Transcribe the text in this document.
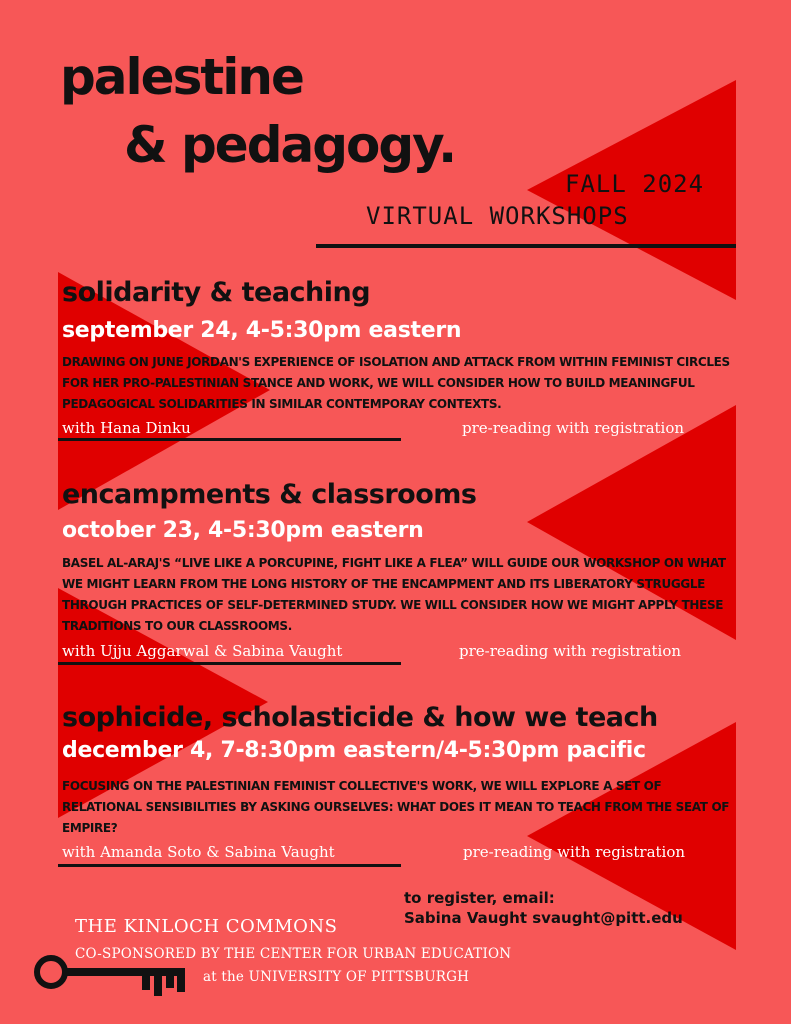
palestine
& pedagogy.
FALL 2024
VIRTUAL WORKSHOPS
solidarity & teaching
september 24, 4-5:30pm eastern
DRAWING ON JUNE JORDAN'S EXPERIENCE OF ISOLATION AND ATTACK FROM WITHIN FEMINIST CIRCLES FOR HER PRO-PALESTINIAN STANCE AND WORK, WE WILL CONSIDER HOW TO BUILD MEANINGFUL PEDAGOGICAL SOLIDARITIES IN SIMILAR CONTEMPORAY CONTEXTS.
with Hana Dinku	pre-reading with registration
encampments & classrooms
october 23, 4-5:30pm eastern
BASEL AL-ARAJ'S “LIVE LIKE A PORCUPINE, FIGHT LIKE A FLEA” WILL GUIDE OUR WORKSHOP ON WHAT WE MIGHT LEARN FROM THE LONG HISTORY OF THE ENCAMPMENT AND ITS LIBERATORY STRUGGLE THROUGH PRACTICES OF SELF-DETERMINED STUDY. WE WILL CONSIDER HOW WE MIGHT APPLY THESE TRADITIONS TO OUR CLASSROOMS.
with Ujju Aggarwal & Sabina Vaught	pre-reading with registration
sophicide, scholasticide & how we teach
december 4, 7-8:30pm eastern/4-5:30pm pacific
FOCUSING ON THE PALESTINIAN FEMINIST COLLECTIVE'S WORK, WE WILL EXPLORE A SET OF RELATIONAL SENSIBILITIES BY ASKING OURSELVES: WHAT DOES IT MEAN TO TEACH FROM THE SEAT OF EMPIRE?
with Amanda Soto & Sabina Vaught	pre-reading with registration
to register, email:
Sabina Vaught svaught@pitt.edu
THE KINLOCH COMMONS
CO-SPONSORED BY THE CENTER FOR URBAN EDUCATION
at the UNIVERSITY OF PITTSBURGH
